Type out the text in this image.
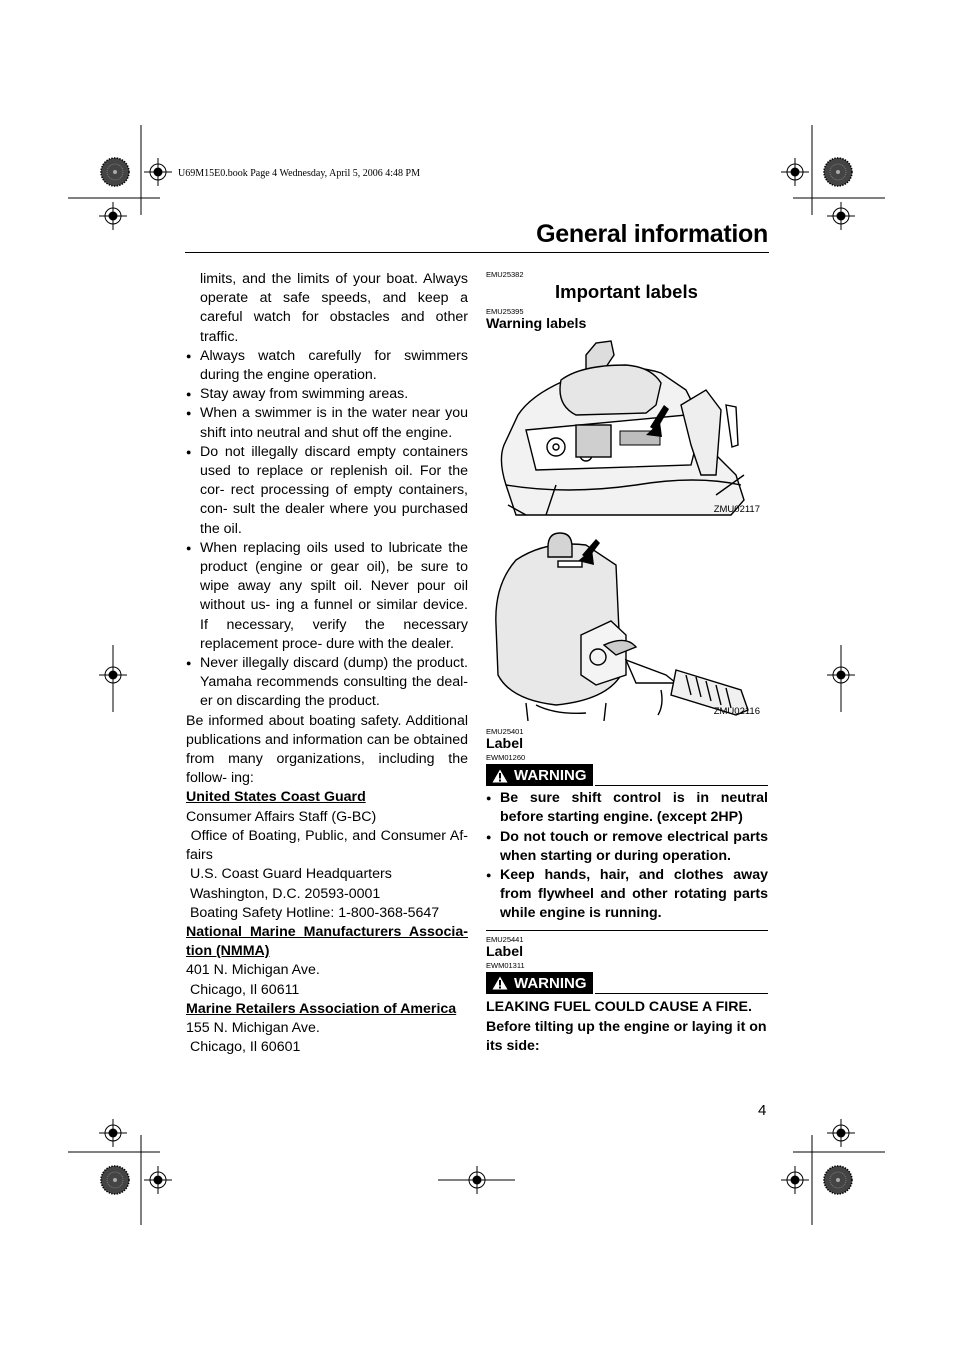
U69M15E0.book Page 4 Wednesday, April 5, 2006 4:48 PM
General information

limits, and the limits of your boat. Always operate at safe speeds, and keep a careful watch for obstacles and other traffic.

● Always watch carefully for swimmers during the engine operation.
● Stay away from swimming areas.
● When a swimmer is in the water near you shift into neutral and shut off the engine.
● Do not illegally discard empty containers used to replace or replenish oil. For the cor- rect processing of empty containers, con- sult the dealer where you purchased the oil.
● When replacing oils used to lubricate the product (engine or gear oil), be sure to wipe away any spilt oil. Never pour oil without us- ing a funnel or similar device. If necessary, verify the necessary replacement proce- dure with the dealer.
● Never illegally discard (dump) the product. Yamaha recommends consulting the deal- er on discarding the product.

Be informed about boating safety. Additional publications and information can be obtained from many organizations, including the follow- ing:

United States Coast Guard
Consumer Affairs Staff (G-BC)
Office of Boating, Public, and Consumer Af- fairs
U.S. Coast Guard Headquarters
Washington, D.C. 20593-0001
Boating Safety Hotline: 1-800-368-5647
National Marine Manufacturers Associa- tion (NMMA)
401 N. Michigan Ave.
Chicago, Il 60611
Marine Retailers Association of America
155 N. Michigan Ave.
Chicago, Il 60601
EMU25382
Important labels
EMU25395
Warning labels
ZMU02117
ZMU02116
EMU25401
Label
EWM01260
WARNING
● Be sure shift control is in neutral before starting engine. (except 2HP)
● Do not touch or remove electrical parts when starting or during operation.
● Keep hands, hair, and clothes away from flywheel and other rotating parts while engine is running.
EMU25441
Label
EWM01311
WARNING
LEAKING FUEL COULD CAUSE A FIRE.
Before tilting up the engine or laying it on its side:
4
